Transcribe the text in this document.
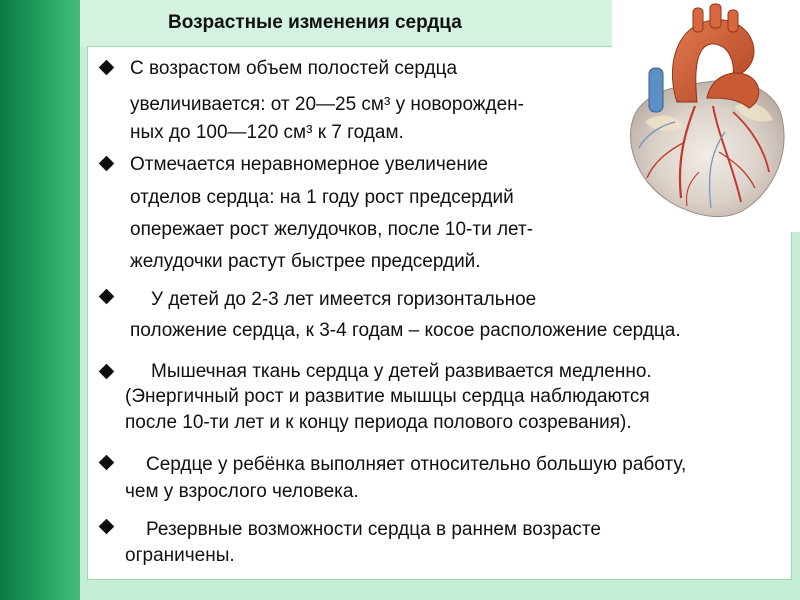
Возрастные изменения сердца

С возрастом объем полостей сердца

увеличивается: от 20—25 см³ у новорожден-

ных до 100—120 см³ к 7 годам.

Отмечается неравномерное увеличение

отделов сердца: на 1 году рост предсердий

опережает рост желудочков, после 10-ти лет-

желудочки растут быстрее предсердий.

У детей до 2-3 лет имеется горизонтальное

положение сердца, к 3-4 годам – косое расположение сердца.

Мышечная ткань сердца у детей развивается медленно.

(Энергичный рост и развитие мышцы сердца наблюдаются

после 10-ти лет и к концу периода полового созревания).

Сердце у ребёнка выполняет относительно большую работу,

чем у взрослого человека.

Резервные возможности сердца в раннем возрасте

ограничены.
